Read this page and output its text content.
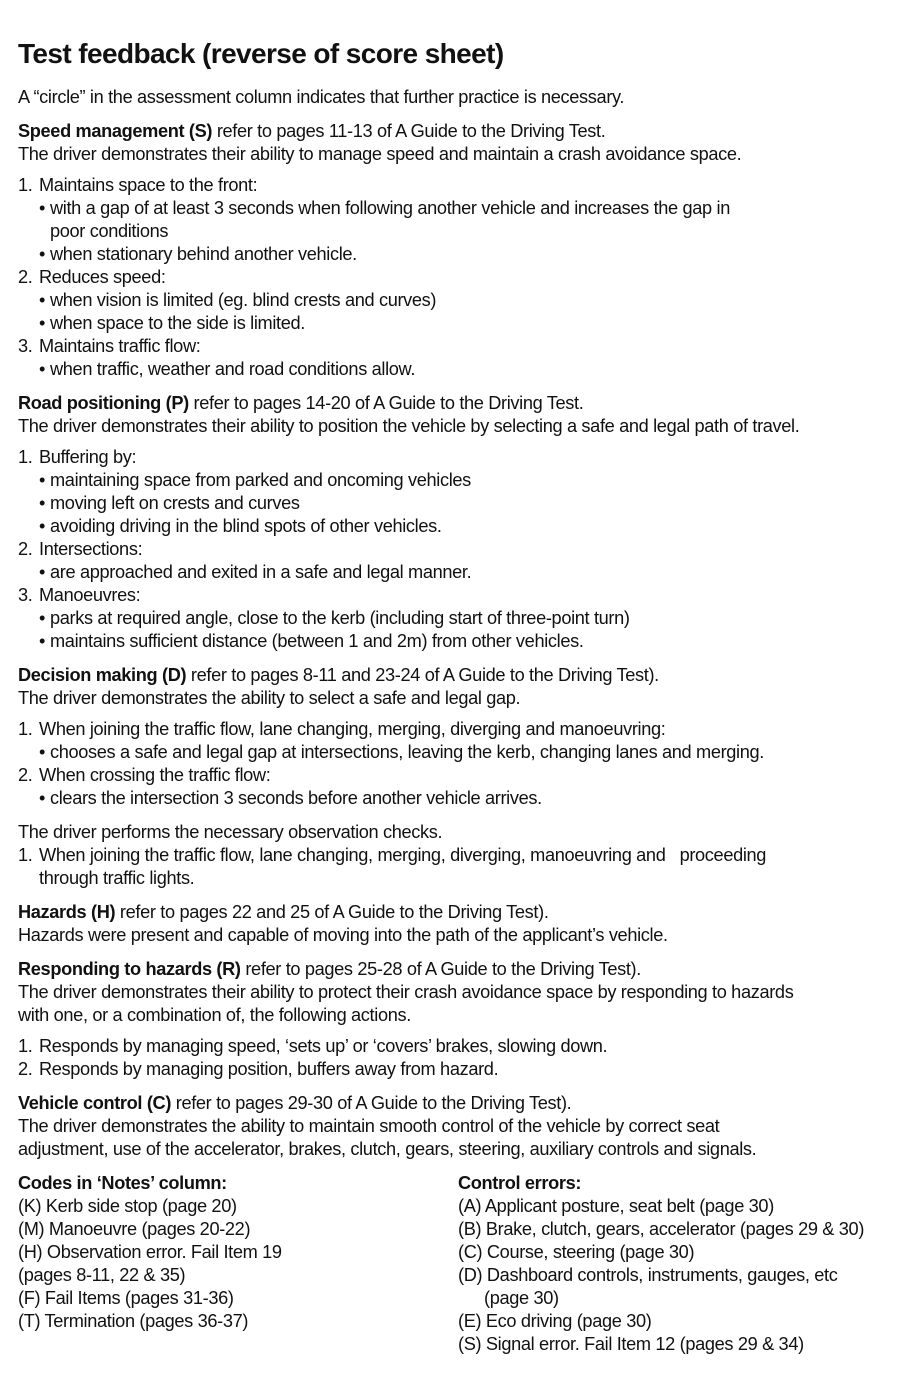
Test feedback (reverse of score sheet)

A “circle” in the assessment column indicates that further practice is necessary.

Speed management (S) refer to pages 11-13 of A Guide to the Driving Test.

The driver demonstrates their ability to manage speed and maintain a crash avoidance space.

1. Maintains space to the front:
• with a gap of at least 3 seconds when following another vehicle and increases the gap in
poor conditions
• when stationary behind another vehicle.
2. Reduces speed:
• when vision is limited (eg. blind crests and curves)
• when space to the side is limited.
3. Maintains traffic flow:
• when traffic, weather and road conditions allow.

Road positioning (P) refer to pages 14-20 of A Guide to the Driving Test.

The driver demonstrates their ability to position the vehicle by selecting a safe and legal path of travel.

1. Buffering by:
• maintaining space from parked and oncoming vehicles
• moving left on crests and curves
• avoiding driving in the blind spots of other vehicles.
2. Intersections:
• are approached and exited in a safe and legal manner.
3. Manoeuvres:
• parks at required angle, close to the kerb (including start of three-point turn)
• maintains sufficient distance (between 1 and 2m) from other vehicles.

Decision making (D) refer to pages 8-11 and 23-24 of A Guide to the Driving Test).

The driver demonstrates the ability to select a safe and legal gap.

1. When joining the traffic flow, lane changing, merging, diverging and manoeuvring:
• chooses a safe and legal gap at intersections, leaving the kerb, changing lanes and merging.
2. When crossing the traffic flow:
• clears the intersection 3 seconds before another vehicle arrives.

The driver performs the necessary observation checks.

1. When joining the traffic flow, lane changing, merging, diverging, manoeuvring and   proceeding
through traffic lights.

Hazards (H) refer to pages 22 and 25 of A Guide to the Driving Test).

Hazards were present and capable of moving into the path of the applicant’s vehicle.

Responding to hazards (R) refer to pages 25-28 of A Guide to the Driving Test).

The driver demonstrates their ability to protect their crash avoidance space by responding to hazards

with one, or a combination of, the following actions.

1. Responds by managing speed, ‘sets up’ or ‘covers’ brakes, slowing down.
2. Responds by managing position, buffers away from hazard.

Vehicle control (C) refer to pages 29-30 of A Guide to the Driving Test).

The driver demonstrates the ability to maintain smooth control of the vehicle by correct seat

adjustment, use of the accelerator, brakes, clutch, gears, steering, auxiliary controls and signals.

Codes in ‘Notes’ column:

(K) Kerb side stop (page 20)

(M) Manoeuvre (pages 20-22)

(H) Observation error. Fail Item 19

(pages 8-11, 22 & 35)

(F) Fail Items (pages 31-36)

(T) Termination (pages 36-37)

Control errors:

(A) Applicant posture, seat belt (page 30)

(B) Brake, clutch, gears, accelerator (pages 29 & 30)

(C) Course, steering (page 30)

(D) Dashboard controls, instruments, gauges, etc

(page 30)

(E) Eco driving (page 30)

(S) Signal error. Fail Item 12 (pages 29 & 34)
